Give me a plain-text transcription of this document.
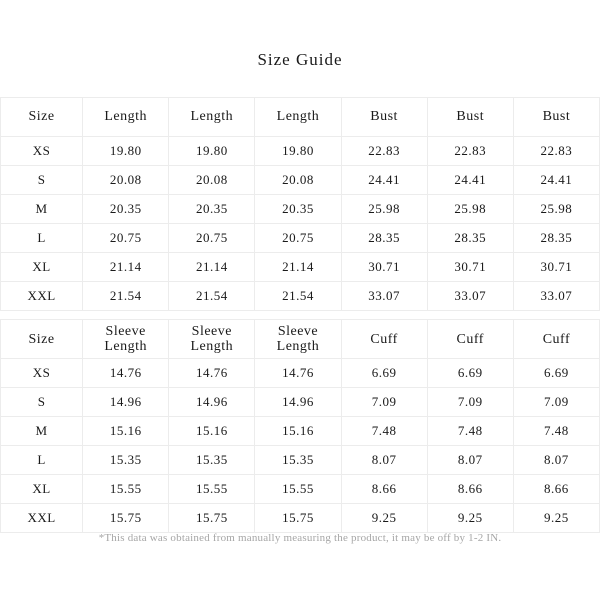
Size Guide
Size	Length	Length	Length	Bust	Bust	Bust
XS	19.80	19.80	19.80	22.83	22.83	22.83
S	20.08	20.08	20.08	24.41	24.41	24.41
M	20.35	20.35	20.35	25.98	25.98	25.98
L	20.75	20.75	20.75	28.35	28.35	28.35
XL	21.14	21.14	21.14	30.71	30.71	30.71
XXL	21.54	21.54	21.54	33.07	33.07	33.07
Size	Sleeve Length	Sleeve Length	Sleeve Length	Cuff	Cuff	Cuff
XS	14.76	14.76	14.76	6.69	6.69	6.69
S	14.96	14.96	14.96	7.09	7.09	7.09
M	15.16	15.16	15.16	7.48	7.48	7.48
L	15.35	15.35	15.35	8.07	8.07	8.07
XL	15.55	15.55	15.55	8.66	8.66	8.66
XXL	15.75	15.75	15.75	9.25	9.25	9.25
*This data was obtained from manually measuring the product, it may be off by 1-2 IN.
